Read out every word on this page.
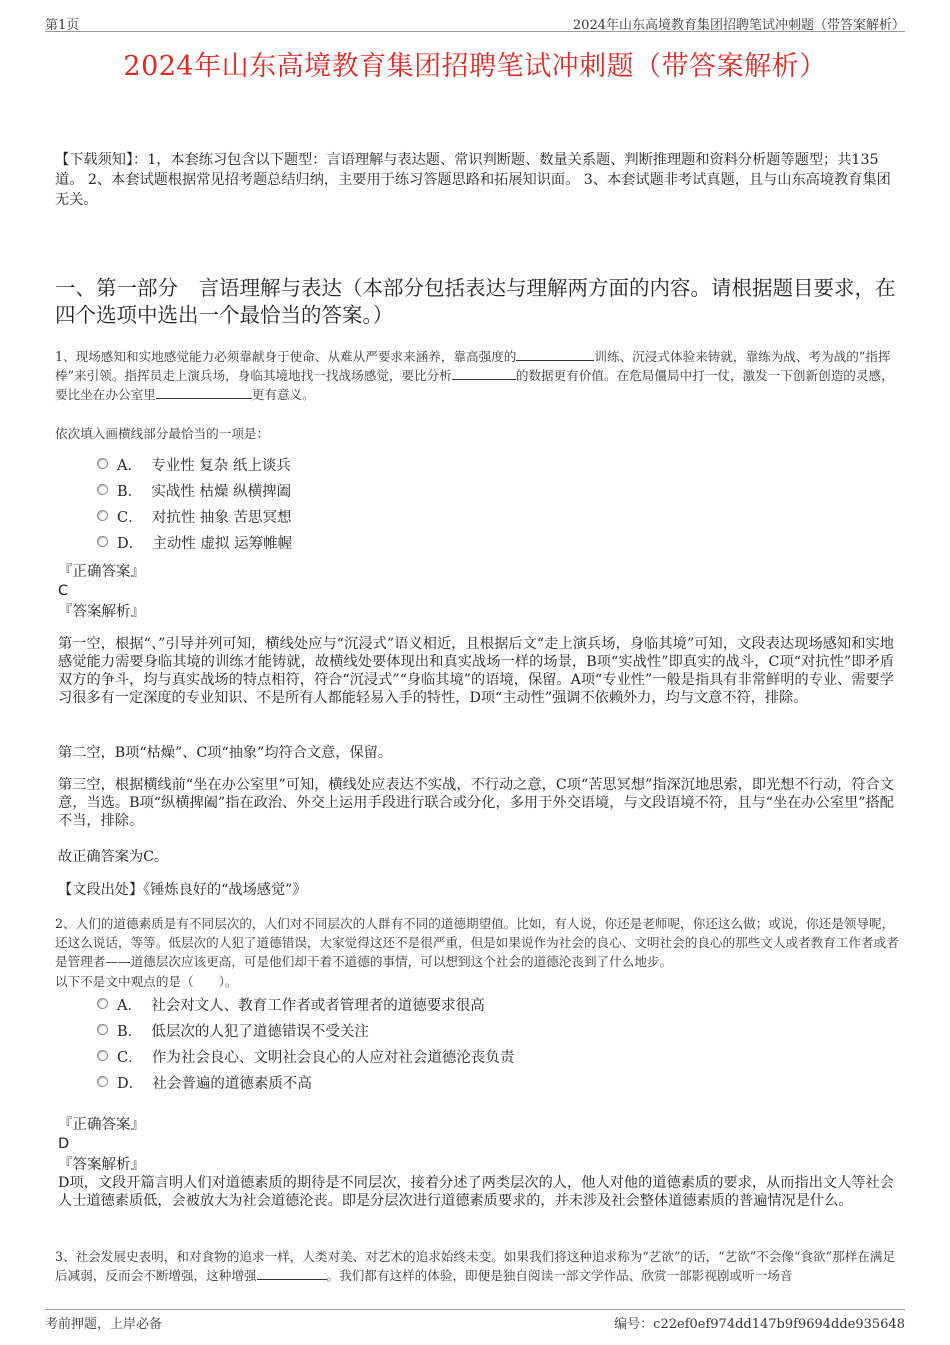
第1页	2024年山东高境教育集团招聘笔试冲刺题（带答案解析）
2024年山东高境教育集团招聘笔试冲刺题（带答案解析）
【下载须知】：1，本套练习包含以下题型：言语理解与表达题、常识判断题、数量关系题、判断推理题和资料分析题等题型；共135道。 2、本套试题根据常见招考题总结归纳，主要用于练习答题思路和拓展知识面。 3、本套试题非考试真题，且与山东高境教育集团无关。
一、第一部分　言语理解与表达（本部分包括表达与理解两方面的内容。请根据题目要求，在四个选项中选出一个最恰当的答案。）
1、现场感知和实地感觉能力必须靠献身于使命、从难从严要求来涵养，靠高强度的	训练、沉浸式体验来铸就，靠练为战、考为战的“指挥棒”来引领。指挥员走上演兵场，身临其境地找一找战场感觉，要比分析	的数据更有价值。在危局僵局中打一仗，激发一下创新创造的灵感，要比坐在办公室里	更有意义。
依次填入画横线部分最恰当的一项是：
A． 专业性 复杂 纸上谈兵
B． 实战性 枯燥 纵横捭阖
C． 对抗性 抽象 苦思冥想
D． 主动性 虚拟 运筹帷幄
『正确答案』
C
『答案解析』
第一空，根据“、”引导并列可知，横线处应与“沉浸式”语义相近，且根据后文“走上演兵场，身临其境”可知，文段表达现场感知和实地感觉能力需要身临其境的训练才能铸就，故横线处要体现出和真实战场一样的场景，B项“实战性”即真实的战斗，C项“对抗性”即矛盾双方的争斗，均与真实战场的特点相符，符合“沉浸式”“身临其境”的语境，保留。A项“专业性”一般是指具有非常鲜明的专业、需要学习很多有一定深度的专业知识、不是所有人都能轻易入手的特性，D项“主动性”强调不依赖外力，均与文意不符，排除。
第二空，B项“枯燥”、C项“抽象”均符合文意，保留。
第三空，根据横线前“坐在办公室里”可知，横线处应表达不实战，不行动之意，C项“苦思冥想”指深沉地思索，即光想不行动，符合文意，当选。B项“纵横捭阖”指在政治、外交上运用手段进行联合或分化，多用于外交语境，与文段语境不符，且与“坐在办公室里”搭配不当，排除。
故正确答案为C。
【文段出处】《锤炼良好的“战场感觉”》
2、人们的道德素质是有不同层次的，人们对不同层次的人群有不同的道德期望值。比如，有人说，你还是老师呢，你还这么做；或说，你还是领导呢，还这么说话，等等。低层次的人犯了道德错误，大家觉得这还不是很严重，但是如果说作为社会的良心、文明社会的良心的那些文人或者教育工作者或者是管理者——道德层次应该更高，可是他们却干着不道德的事情，可以想到这个社会的道德沦丧到了什么地步。
以下不是文中观点的是（　　）。
A． 社会对文人、教育工作者或者管理者的道德要求很高
B． 低层次的人犯了道德错误不受关注
C． 作为社会良心、文明社会良心的人应对社会道德沦丧负责
D． 社会普遍的道德素质不高
『正确答案』
D
『答案解析』
D项，文段开篇言明人们对道德素质的期待是不同层次，接着分述了两类层次的人，他人对他的道德素质的要求，从而指出文人等社会人士道德素质低，会被放大为社会道德沦丧。即是分层次进行道德素质要求的，并未涉及社会整体道德素质的普遍情况是什么。
3、社会发展史表明，和对食物的追求一样，人类对美、对艺术的追求始终未变。如果我们将这种追求称为“艺欲”的话，“艺欲”不会像“食欲”那样在满足后减弱，反而会不断增强，这种增强	。我们都有这样的体验，即便是独自阅读一部文学作品、欣赏一部影视剧或听一场音
考前押题，上岸必备	编号：c22ef0ef974dd147b9f9694dde935648
